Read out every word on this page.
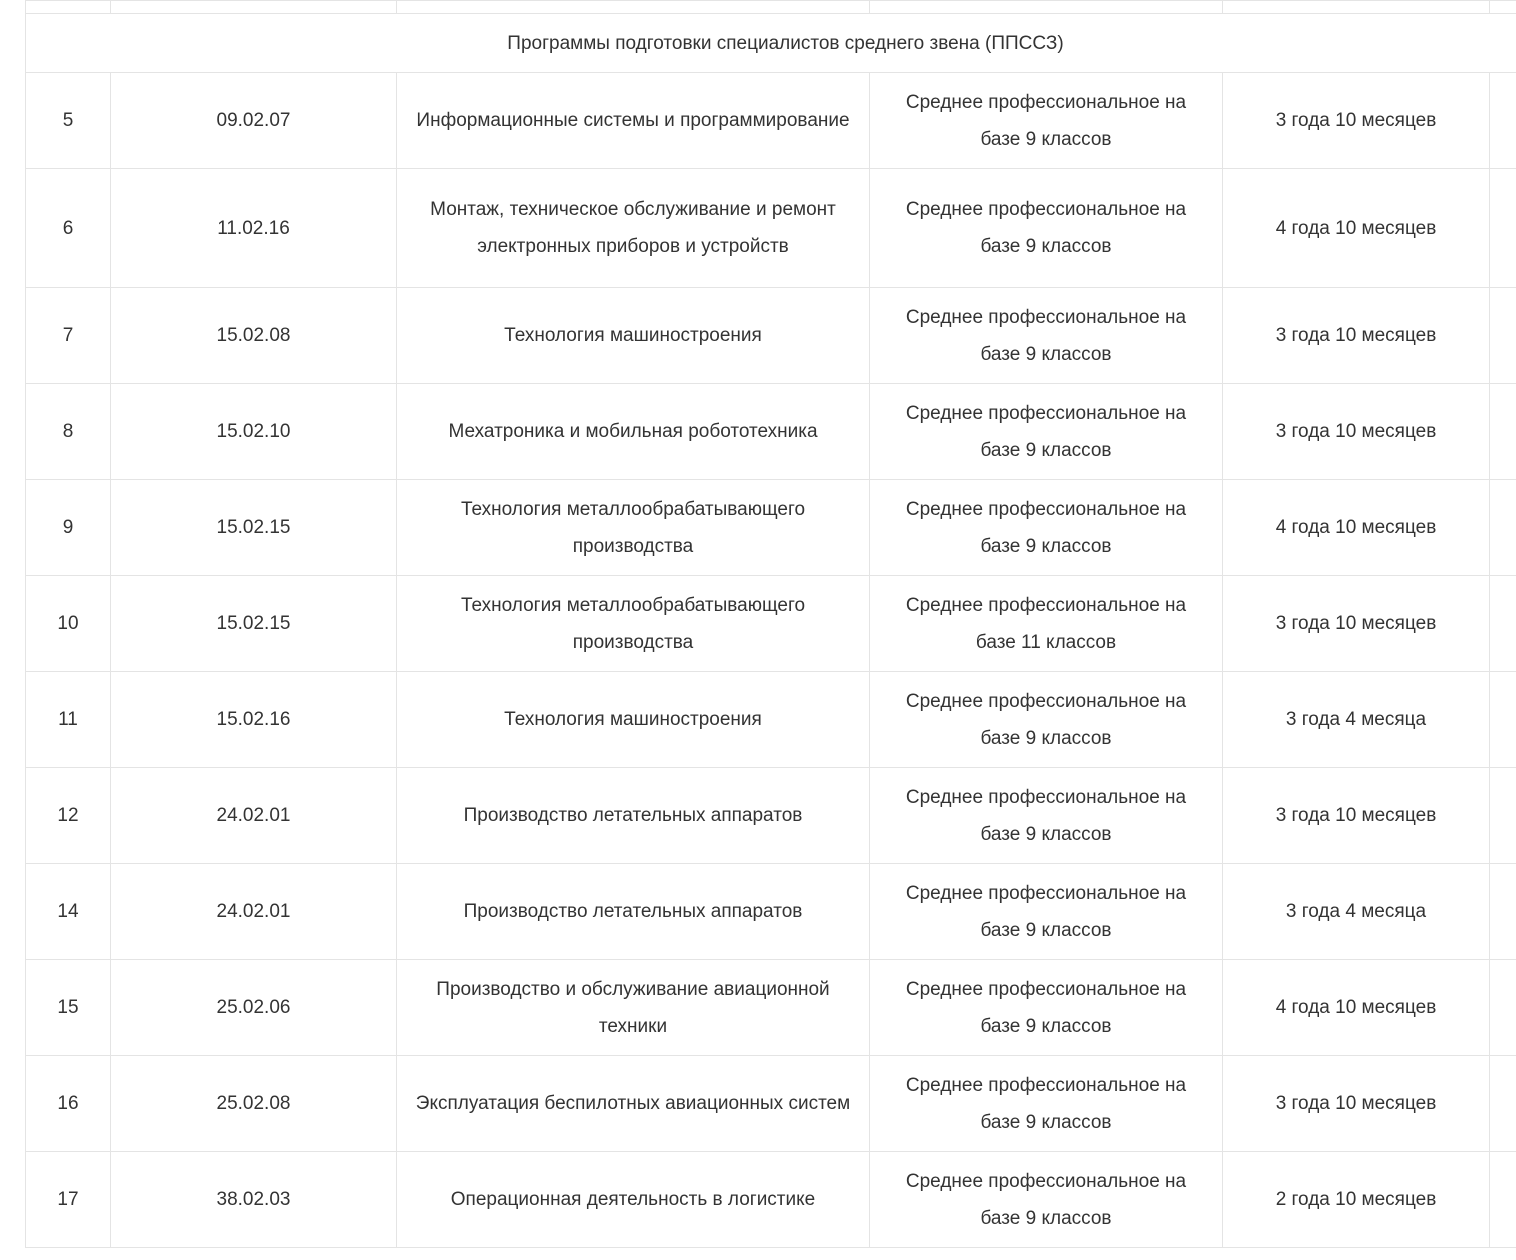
Программы подготовки специалистов среднего звена (ППССЗ)					
5	09.02.07	Информационные системы и программирование	Среднее профессиональное на базе 9 классов	3 года 10 месяцев	
6	11.02.16	Монтаж, техническое обслуживание и ремонт электронных приборов и устройств	Среднее профессиональное на базе 9 классов	4 года 10 месяцев	
7	15.02.08	Технология машиностроения	Среднее профессиональное на базе 9 классов	3 года 10 месяцев	
8	15.02.10	Мехатроника и мобильная робототехника	Среднее профессиональное на базе 9 классов	3 года 10 месяцев	
9	15.02.15	Технология металлообрабатывающего производства	Среднее профессиональное на базе 9 классов	4 года 10 месяцев	
10	15.02.15	Технология металлообрабатывающего производства	Среднее профессиональное на базе 11 классов	3 года 10 месяцев	
11	15.02.16	Технология машиностроения	Среднее профессиональное на базе 9 классов	3 года 4 месяца	
12	24.02.01	Производство летательных аппаратов	Среднее профессиональное на базе 9 классов	3 года 10 месяцев	
14	24.02.01	Производство летательных аппаратов	Среднее профессиональное на базе 9 классов	3 года 4 месяца	
15	25.02.06	Производство и обслуживание авиационной техники	Среднее профессиональное на базе 9 классов	4 года 10 месяцев	
16	25.02.08	Эксплуатация беспилотных авиационных систем	Среднее профессиональное на базе 9 классов	3 года 10 месяцев	
17	38.02.03	Операционная деятельность в логистике	Среднее профессиональное на базе 9 классов	2 года 10 месяцев	
